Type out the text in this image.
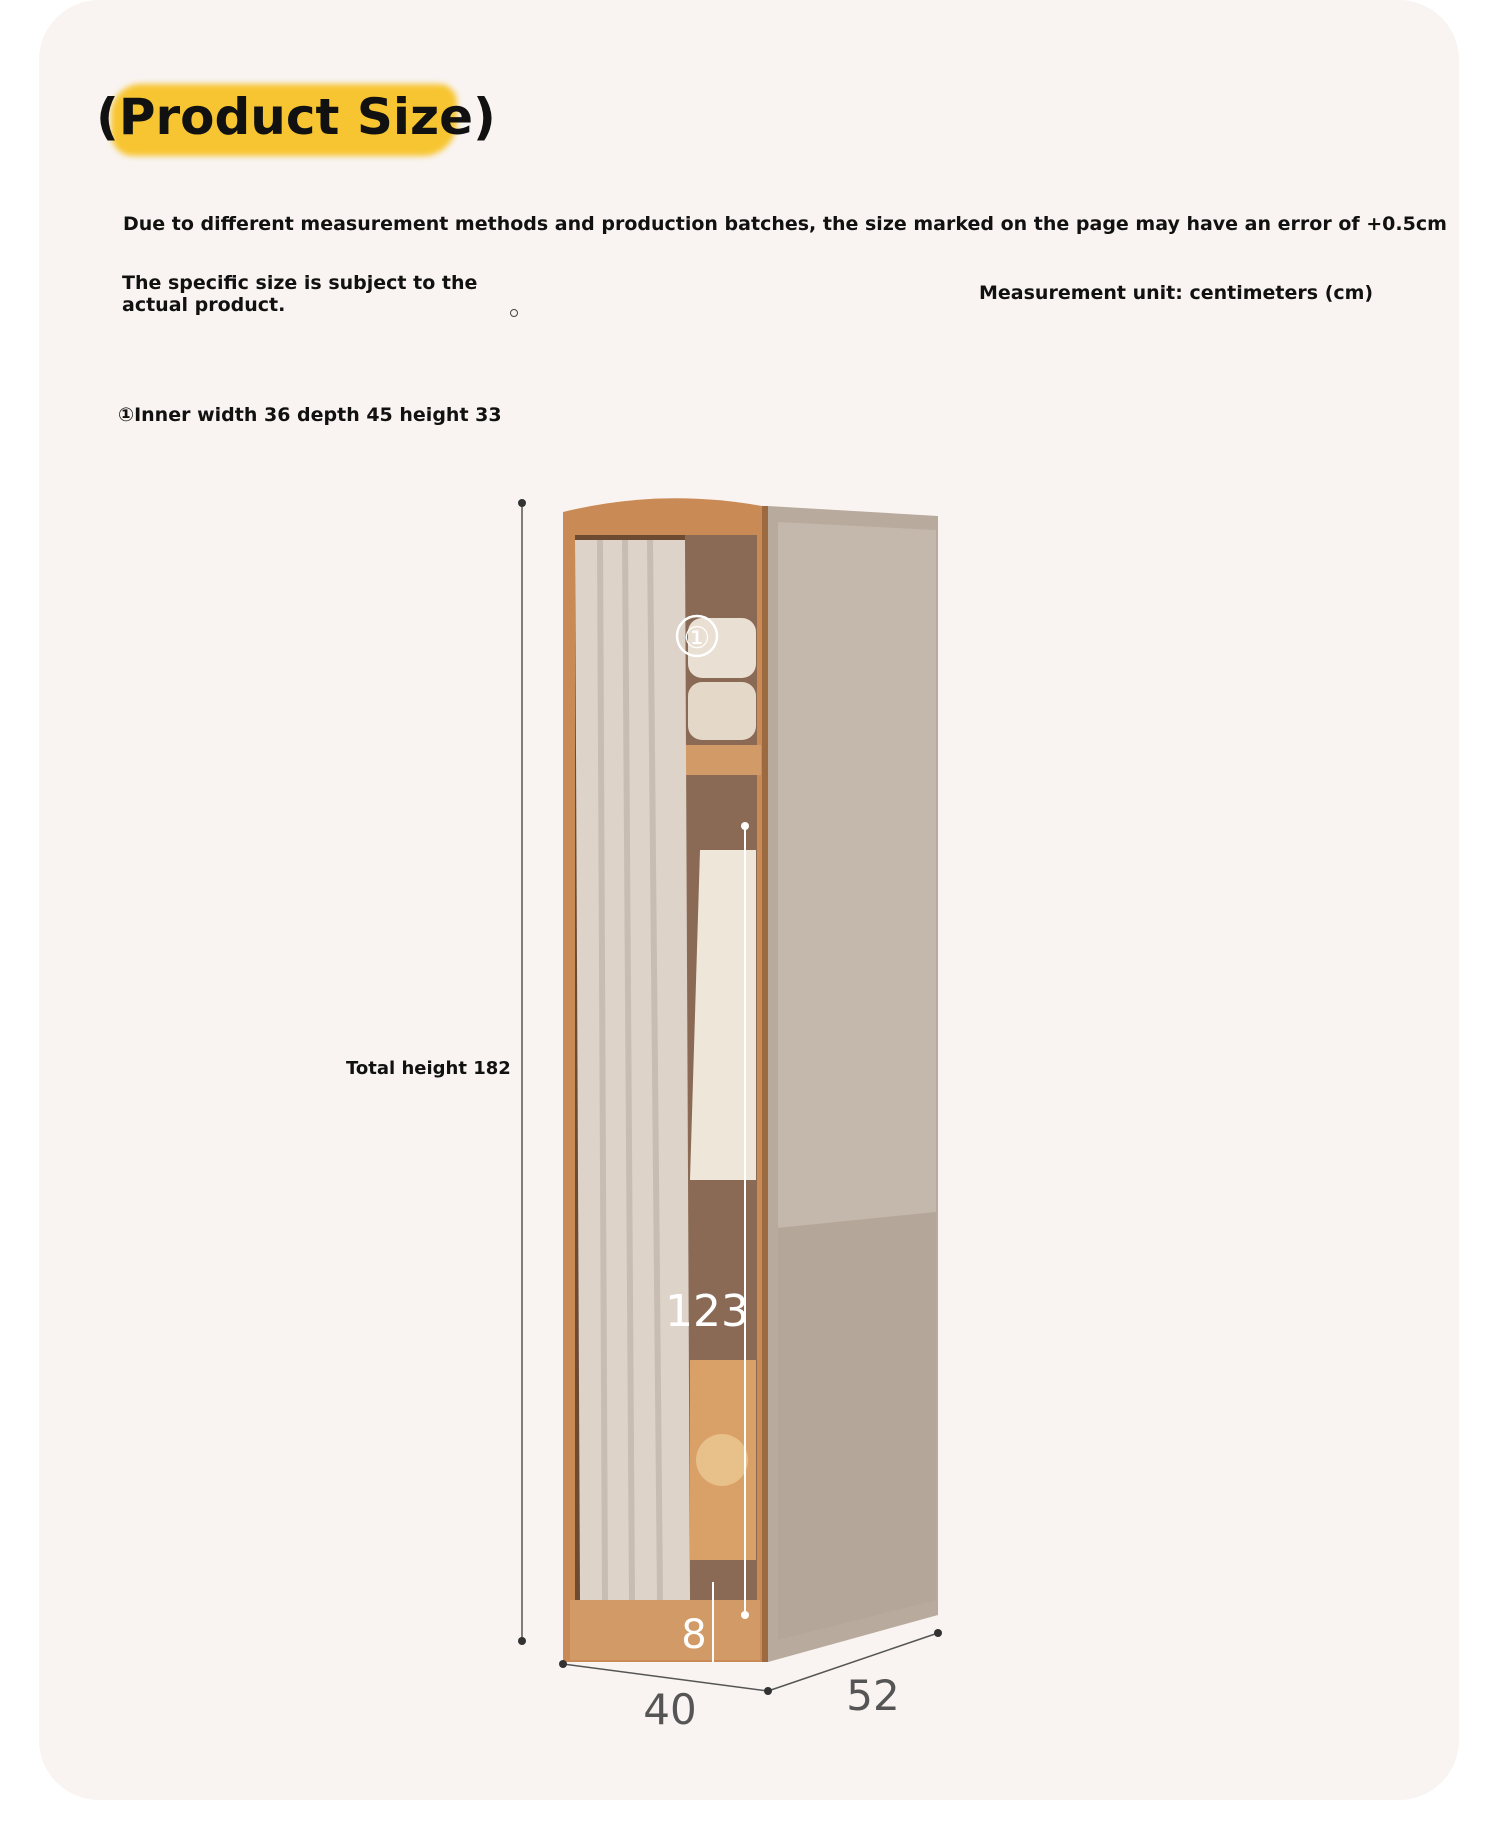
(Product Size)
Due to different measurement methods and production batches, the size marked on the page may have an error of +0.5cm
The specific size is subject to the actual product.
Measurement unit: centimeters (cm)
①Inner width 36 depth 45 height 33
Total height 182
①
123
8
40	52
